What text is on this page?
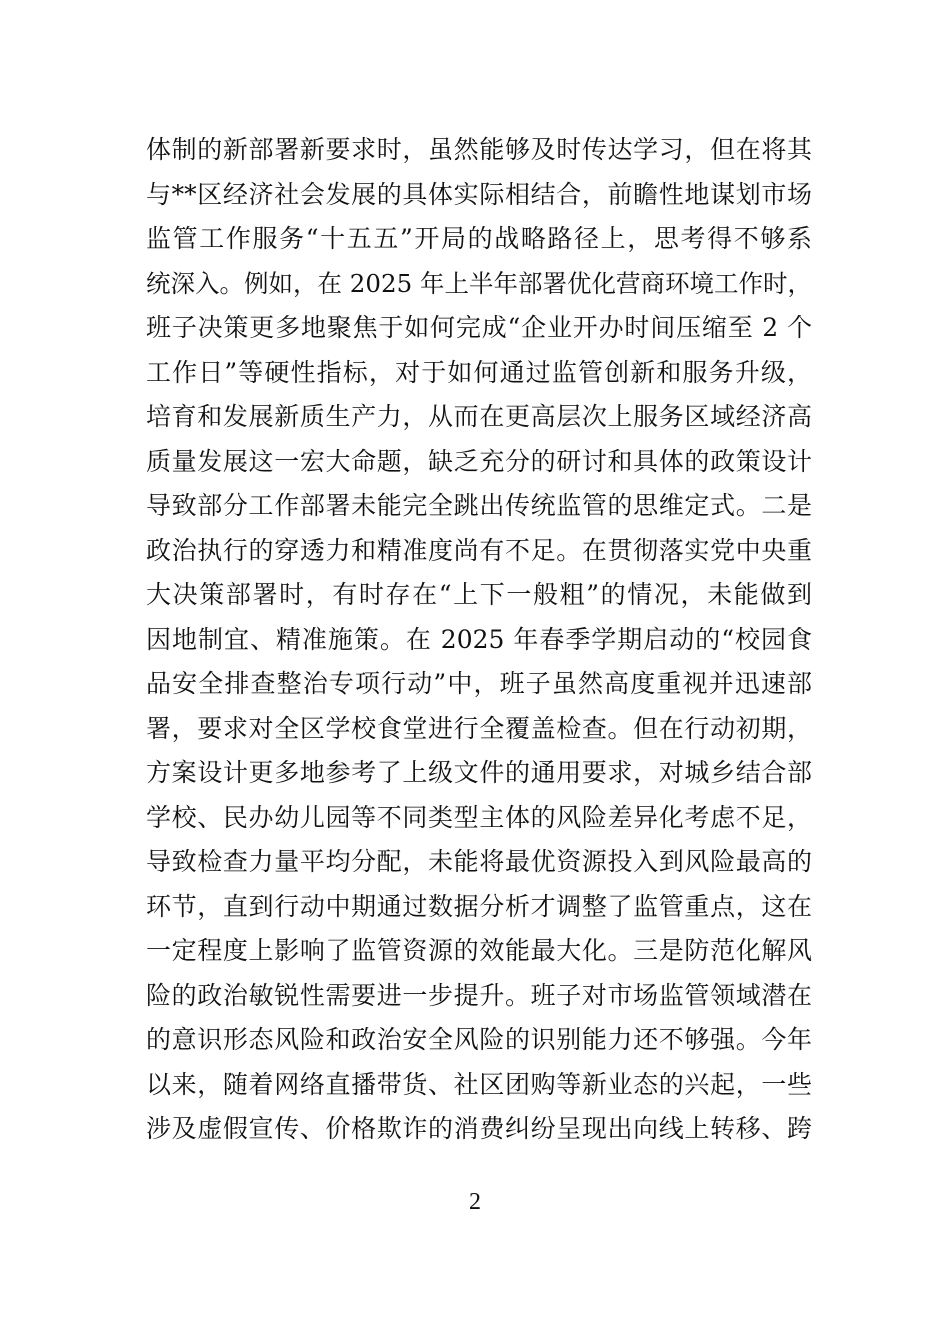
体制的新部署新要求时，虽然能够及时传达学习，但在将其
与**区经济社会发展的具体实际相结合，前瞻性地谋划市场
监管工作服务“十五五”开局的战略路径上，思考得不够系
统深入。例如，在 2025 年上半年部署优化营商环境工作时，
班子决策更多地聚焦于如何完成“企业开办时间压缩至 2 个
工作日”等硬性指标，对于如何通过监管创新和服务升级，
培育和发展新质生产力，从而在更高层次上服务区域经济高
质量发展这一宏大命题，缺乏充分的研讨和具体的政策设计
导致部分工作部署未能完全跳出传统监管的思维定式。二是
政治执行的穿透力和精准度尚有不足。在贯彻落实党中央重
大决策部署时，有时存在“上下一般粗”的情况，未能做到
因地制宜、精准施策。在 2025 年春季学期启动的“校园食
品安全排查整治专项行动”中，班子虽然高度重视并迅速部
署，要求对全区学校食堂进行全覆盖检查。但在行动初期，
方案设计更多地参考了上级文件的通用要求，对城乡结合部
学校、民办幼儿园等不同类型主体的风险差异化考虑不足，
导致检查力量平均分配，未能将最优资源投入到风险最高的
环节，直到行动中期通过数据分析才调整了监管重点，这在
一定程度上影响了监管资源的效能最大化。三是防范化解风
险的政治敏锐性需要进一步提升。班子对市场监管领域潜在
的意识形态风险和政治安全风险的识别能力还不够强。今年
以来，随着网络直播带货、社区团购等新业态的兴起，一些
涉及虚假宣传、价格欺诈的消费纠纷呈现出向线上转移、跨
2
